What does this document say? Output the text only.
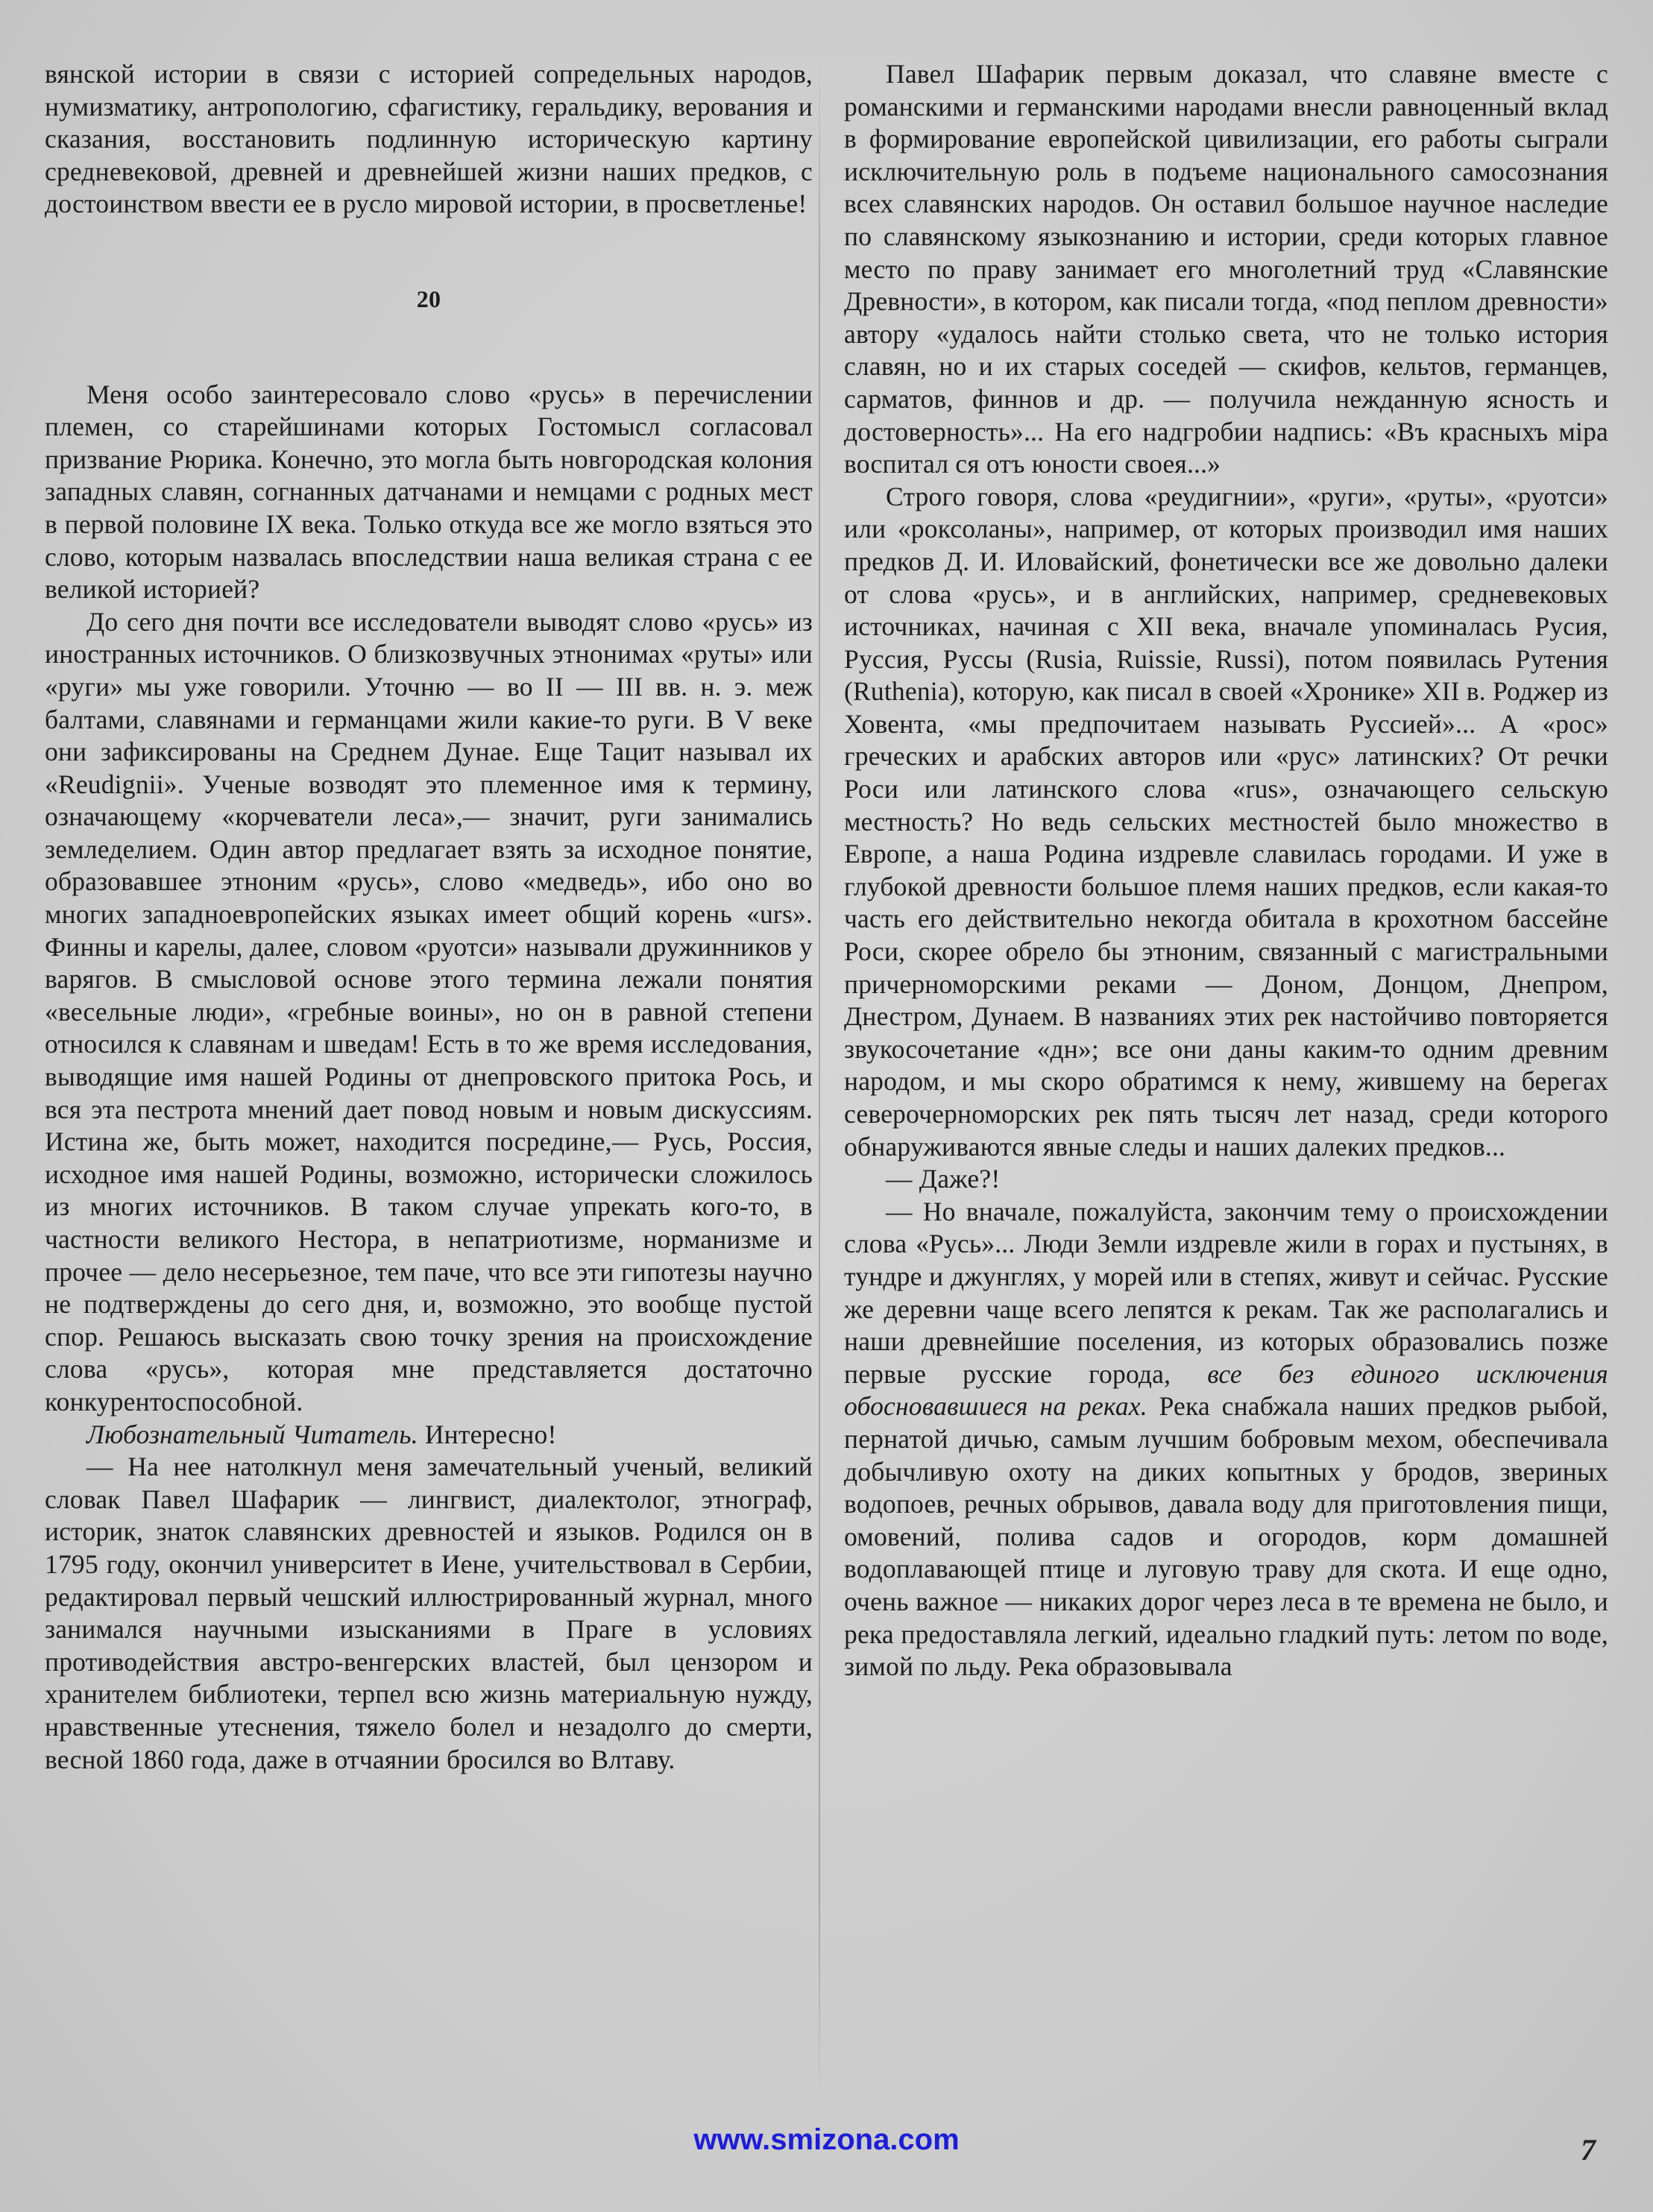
вянской истории в связи с историей сопредельных народов, нумизматику, антропологию, сфагистику, геральдику, верования и сказания, восстановить подлинную историческую картину средневековой, древней и древнейшей жизни наших предков, с достоинством ввести ее в русло мировой истории, в просветленье!

20

Меня особо заинтересовало слово «русь» в перечислении племен, со старейшинами которых Гостомысл согласовал призвание Рюрика. Конечно, это могла быть новгородская колония западных славян, согнанных датчанами и немцами с родных мест в первой половине IX века. Только откуда все же могло взяться это слово, которым назвалась впоследствии наша великая страна с ее великой историей?

До сего дня почти все исследователи выводят слово «русь» из иностранных источников. О близкозвучных этнонимах «руты» или «руги» мы уже говорили. Уточню — во II — III вв. н. э. меж балтами, славянами и германцами жили какие-то руги. В V веке они зафиксированы на Среднем Дунае. Еще Тацит называл их «Reudignii». Ученые возводят это племенное имя к термину, означающему «корчеватели леса»,— значит, руги занимались земледелием. Один автор предлагает взять за исходное понятие, образовавшее этноним «русь», слово «медведь», ибо оно во многих западноевропейских языках имеет общий корень «urs». Финны и карелы, далее, словом «руотси» называли дружинников у варягов. В смысловой основе этого термина лежали понятия «весельные люди», «гребные воины», но он в равной степени относился к славянам и шведам! Есть в то же время исследования, выводящие имя нашей Родины от днепровского притока Рось, и вся эта пестрота мнений дает повод новым и новым дискуссиям. Истина же, быть может, находится посредине,— Русь, Россия, исходное имя нашей Родины, возможно, исторически сложилось из многих источников. В таком случае упрекать кого-то, в частности великого Нестора, в непатриотизме, норманизме и прочее — дело несерьезное, тем паче, что все эти гипотезы научно не подтверждены до сего дня, и, возможно, это вообще пустой спор. Решаюсь высказать свою точку зрения на происхождение слова «русь», которая мне представляется достаточно конкурентоспособной.

Любознательный Читатель. Интересно!

— На нее натолкнул меня замечательный ученый, великий словак Павел Шафарик — лингвист, диалектолог, этнограф, историк, знаток славянских древностей и языков. Родился он в 1795 году, окончил университет в Иене, учительствовал в Сербии, редактировал первый чешский иллюстрированный журнал, много занимался научными изысканиями в Праге в условиях противодействия австро-венгерских властей, был цензором и хранителем библиотеки, терпел всю жизнь материальную нужду, нравственные утеснения, тяжело болел и незадолго до смерти, весной 1860 года, даже в отчаянии бросился во Влтаву.

Павел Шафарик первым доказал, что славяне вместе с романскими и германскими народами внесли равноценный вклад в формирование европейской цивилизации, его работы сыграли исключительную роль в подъеме национального самосознания всех славянских народов. Он оставил большое научное наследие по славянскому языкознанию и истории, среди которых главное место по праву занимает его многолетний труд «Славянские Древности», в котором, как писали тогда, «под пеплом древности» автору «удалось найти столько света, что не только история славян, но и их старых соседей — скифов, кельтов, германцев, сарматов, финнов и др. — получила нежданную ясность и достоверность»... На его надгробии надпись: «Въ красныхъ міра воспитал ся отъ юности своея...»

Строго говоря, слова «реудигнии», «руги», «руты», «руотси» или «роксоланы», например, от которых производил имя наших предков Д. И. Иловайский, фонетически все же довольно далеки от слова «русь», и в английских, например, средневековых источниках, начиная с XII века, вначале упоминалась Русия, Руссия, Руссы (Rusia, Ruissie, Russi), потом появилась Рутения (Ruthenia), которую, как писал в своей «Хронике» XII в. Роджер из Ховента, «мы предпочитаем называть Руссией»... А «рос» греческих и арабских авторов или «рус» латинских? От речки Роси или латинского слова «rus», означающего сельскую местность? Но ведь сельских местностей было множество в Европе, а наша Родина издревле славилась городами. И уже в глубокой древности большое племя наших предков, если какая-то часть его действительно некогда обитала в крохотном бассейне Роси, скорее обрело бы этноним, связанный с магистральными причерноморскими реками — Доном, Донцом, Днепром, Днестром, Дунаем. В названиях этих рек настойчиво повторяется звукосочетание «дн»; все они даны каким-то одним древним народом, и мы скоро обратимся к нему, жившему на берегах северочерноморских рек пять тысяч лет назад, среди которого обнаруживаются явные следы и наших далеких предков...

— Даже?!

— Но вначале, пожалуйста, закончим тему о происхождении слова «Русь»... Люди Земли издревле жили в горах и пустынях, в тундре и джунглях, у морей или в степях, живут и сейчас. Русские же деревни чаще всего лепятся к рекам. Так же располагались и наши древнейшие поселения, из которых образовались позже первые русские города, все без единого исключения обосновавшиеся на реках. Река снабжала наших предков рыбой, пернатой дичью, самым лучшим бобровым мехом, обеспечивала добычливую охоту на диких копытных у бродов, звериных водопоев, речных обрывов, давала воду для приготовления пищи, омовений, полива садов и огородов, корм домашней водоплавающей птице и луговую траву для скота. И еще одно, очень важное — никаких дорог через леса в те времена не было, и река предоставляла легкий, идеально гладкий путь: летом по воде, зимой по льду. Река образовывала

www.smizona.com	7
